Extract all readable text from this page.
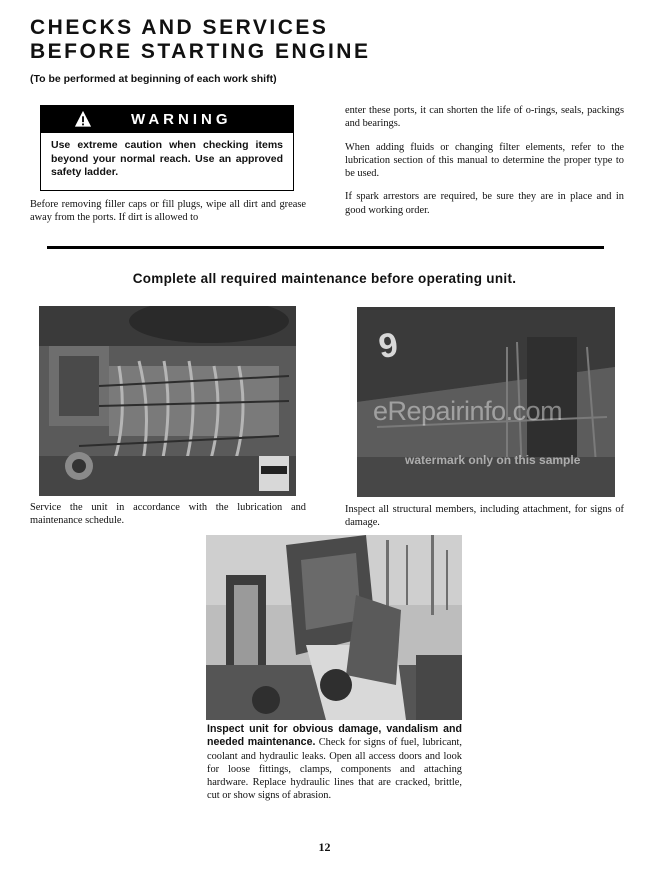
CHECKS AND SERVICES
BEFORE STARTING ENGINE
(To be performed at beginning of each work shift)
WARNING
Use extreme caution when checking items beyond your normal reach. Use an approved safety ladder.
Before removing filler caps or fill plugs, wipe all dirt and grease away from the ports. If dirt is allowed to

enter these ports, it can shorten the life of o-rings, seals, packings and bearings.

When adding fluids or changing filter elements, refer to the lubrication section of this manual to determine the proper type to be used.

If spark arrestors are required, be sure they are in place and in good working order.

Complete all required maintenance before operating unit.
Service the unit in accordance with the lubrication and maintenance schedule.
9
Inspect all structural members, including attachment, for signs of damage.
eRepairinfo.com
watermark only on this sample
Inspect unit for obvious damage, vandalism and needed maintenance. Check for signs of fuel, lubricant, coolant and hydraulic leaks. Open all access doors and look for loose fittings, clamps, components and attaching hardware. Replace hydraulic lines that are cracked, brittle, cut or show signs of abrasion.
12
